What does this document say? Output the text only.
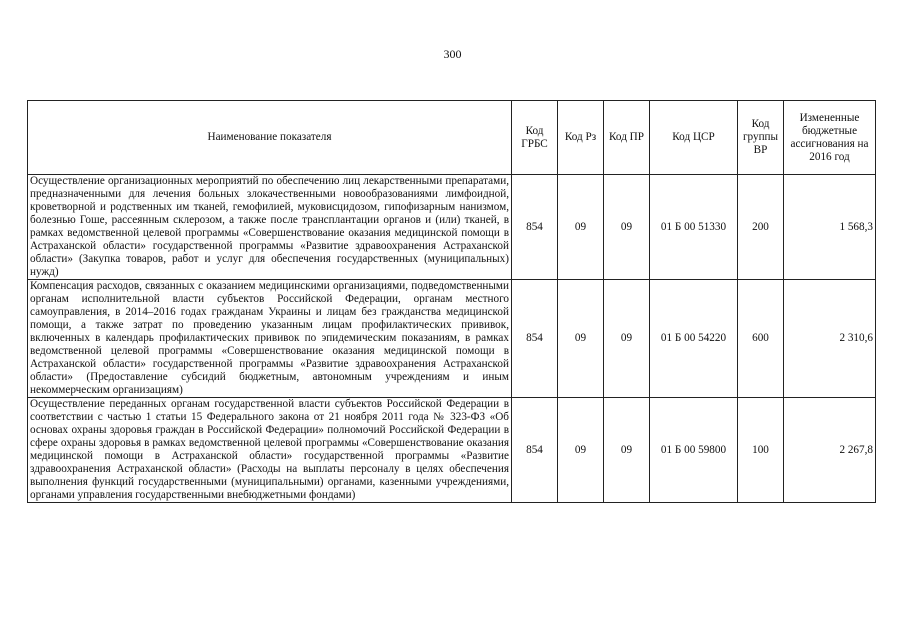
300
Наименование показателя	Код ГРБС	Код Рз	Код ПР	Код ЦСР	Код группы ВР	Измененные бюджетные ассигнования на 2016 год
Осуществление организационных мероприятий по обеспечению лиц лекарственными препаратами, предназначенными для лечения больных злокачественными новообразованиями лимфоидной, кроветворной и родственных им тканей, гемофилией, муковисцидозом, гипофизарным нанизмом, болезнью Гоше, рассеянным склерозом, а также после трансплантации органов и (или) тканей, в рамках ведомственной целевой программы «Совершенствование оказания медицинской помощи в Астраханской области» государственной программы «Развитие здравоохранения Астраханской области» (Закупка товаров, работ и услуг для обеспечения государственных (муниципальных) нужд)	854	09	09	01 Б 00 51330	200	1 568,3
Компенсация расходов, связанных с оказанием медицинскими организациями, подведомственными органам исполнительной власти субъектов Российской Федерации, органам местного самоуправления, в 2014–2016 годах гражданам Украины и лицам без гражданства медицинской помощи, а также затрат по проведению указанным лицам профилактических прививок, включенных в календарь профилактических прививок по эпидемическим показаниям, в рамках ведомственной целевой программы «Совершенствование оказания медицинской помощи в Астраханской области» государственной программы «Развитие здравоохранения Астраханской области» (Предоставление субсидий бюджетным, автономным учреждениям и иным некоммерческим организациям)	854	09	09	01 Б 00 54220	600	2 310,6
Осуществление переданных органам государственной власти субъектов Российской Федерации в соответствии с частью 1 статьи 15 Федерального закона от 21 ноября 2011 года № 323-ФЗ «Об основах охраны здоровья граждан в Российской Федерации» полномочий Российской Федерации в сфере охраны здоровья в рамках ведомственной целевой программы «Совершенствование оказания медицинской помощи в Астраханской области» государственной программы «Развитие здравоохранения Астраханской области» (Расходы на выплаты персоналу в целях обеспечения выполнения функций государственными (муниципальными) органами, казенными учреждениями, органами управления государственными внебюджетными фондами)	854	09	09	01 Б 00 59800	100	2 267,8
